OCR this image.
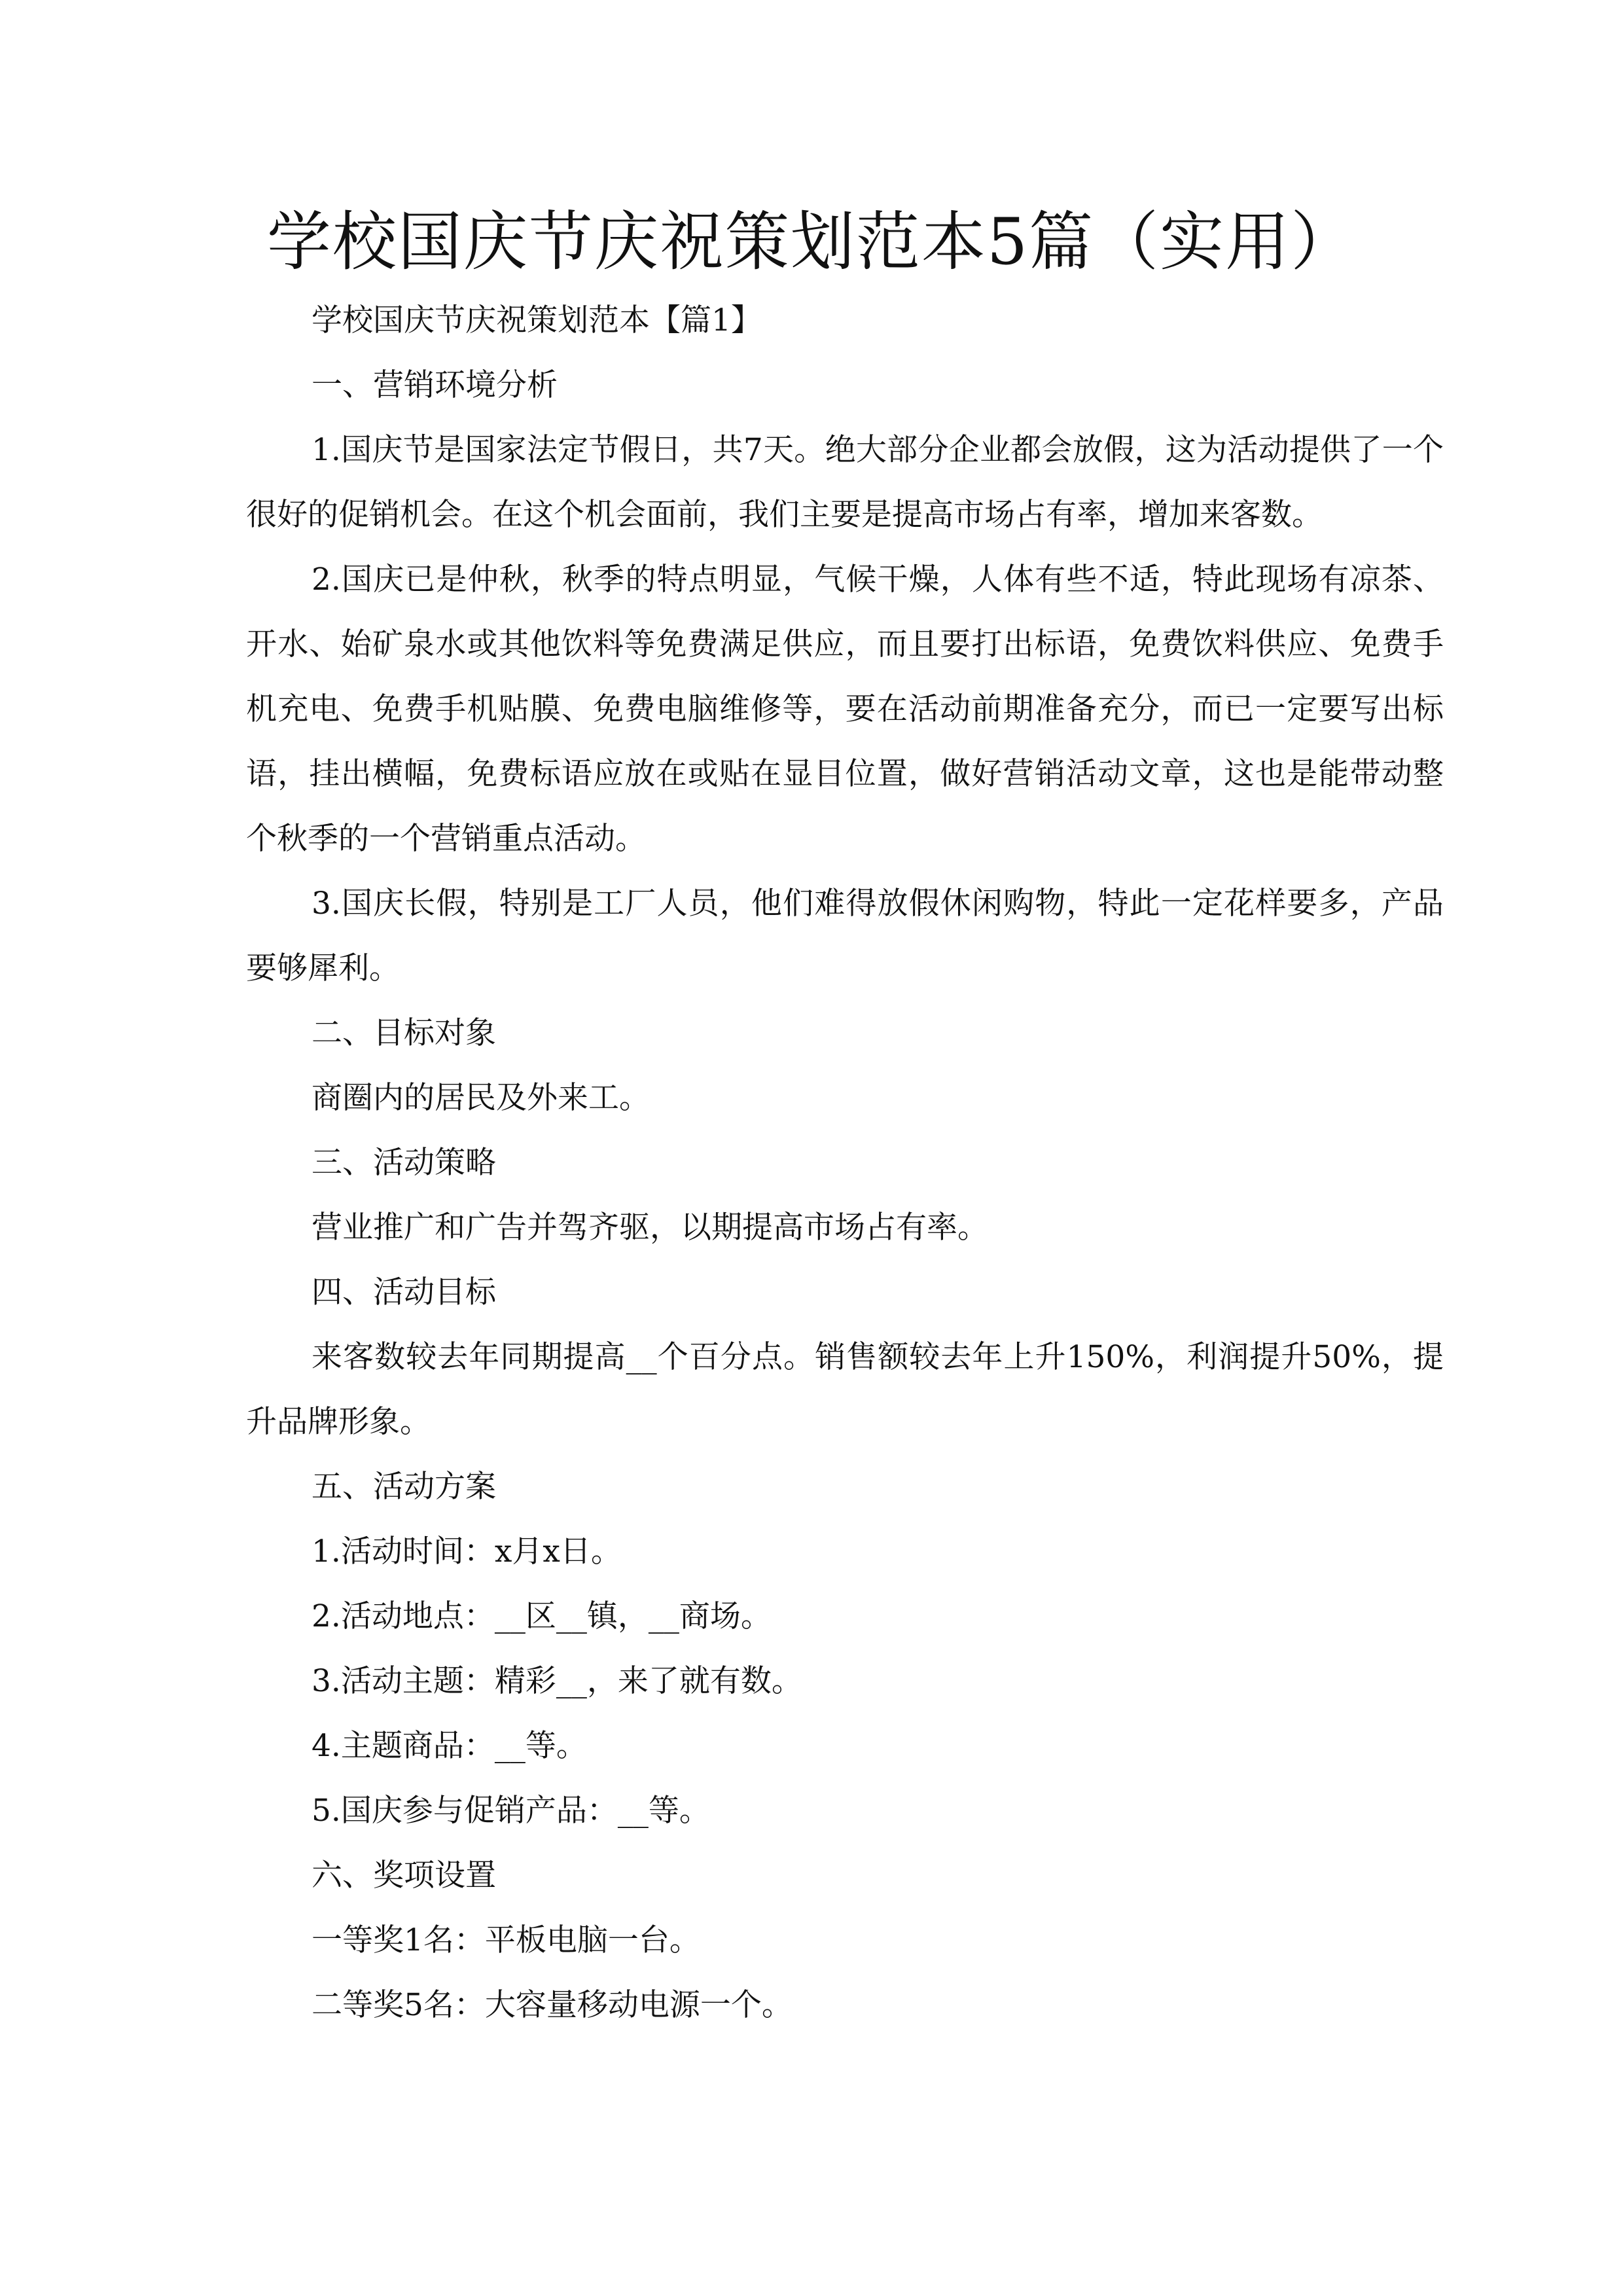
学校国庆节庆祝策划范本5篇（实用）

学校国庆节庆祝策划范本【篇1】

一、营销环境分析

1.国庆节是国家法定节假日，共7天。绝大部分企业都会放假，这为活动提供了一个很好的促销机会。在这个机会面前，我们主要是提高市场占有率，增加来客数。

2.国庆已是仲秋，秋季的特点明显，气候干燥，人体有些不适，特此现场有凉茶、开水、始矿泉水或其他饮料等免费满足供应，而且要打出标语，免费饮料供应、免费手机充电、免费手机贴膜、免费电脑维修等，要在活动前期准备充分，而已一定要写出标语，挂出横幅，免费标语应放在或贴在显目位置，做好营销活动文章，这也是能带动整个秋季的一个营销重点活动。

3.国庆长假，特别是工厂人员，他们难得放假休闲购物，特此一定花样要多，产品要够犀利。

二、目标对象

商圈内的居民及外来工。

三、活动策略

营业推广和广告并驾齐驱，以期提高市场占有率。

四、活动目标

来客数较去年同期提高__个百分点。销售额较去年上升150%，利润提升50%，提升品牌形象。

五、活动方案

1.活动时间：x月x日。

2.活动地点：__区__镇，__商场。

3.活动主题：精彩__，来了就有数。

4.主题商品：__等。

5.国庆参与促销产品：__等。

六、奖项设置

一等奖1名：平板电脑一台。

二等奖5名：大容量移动电源一个。
